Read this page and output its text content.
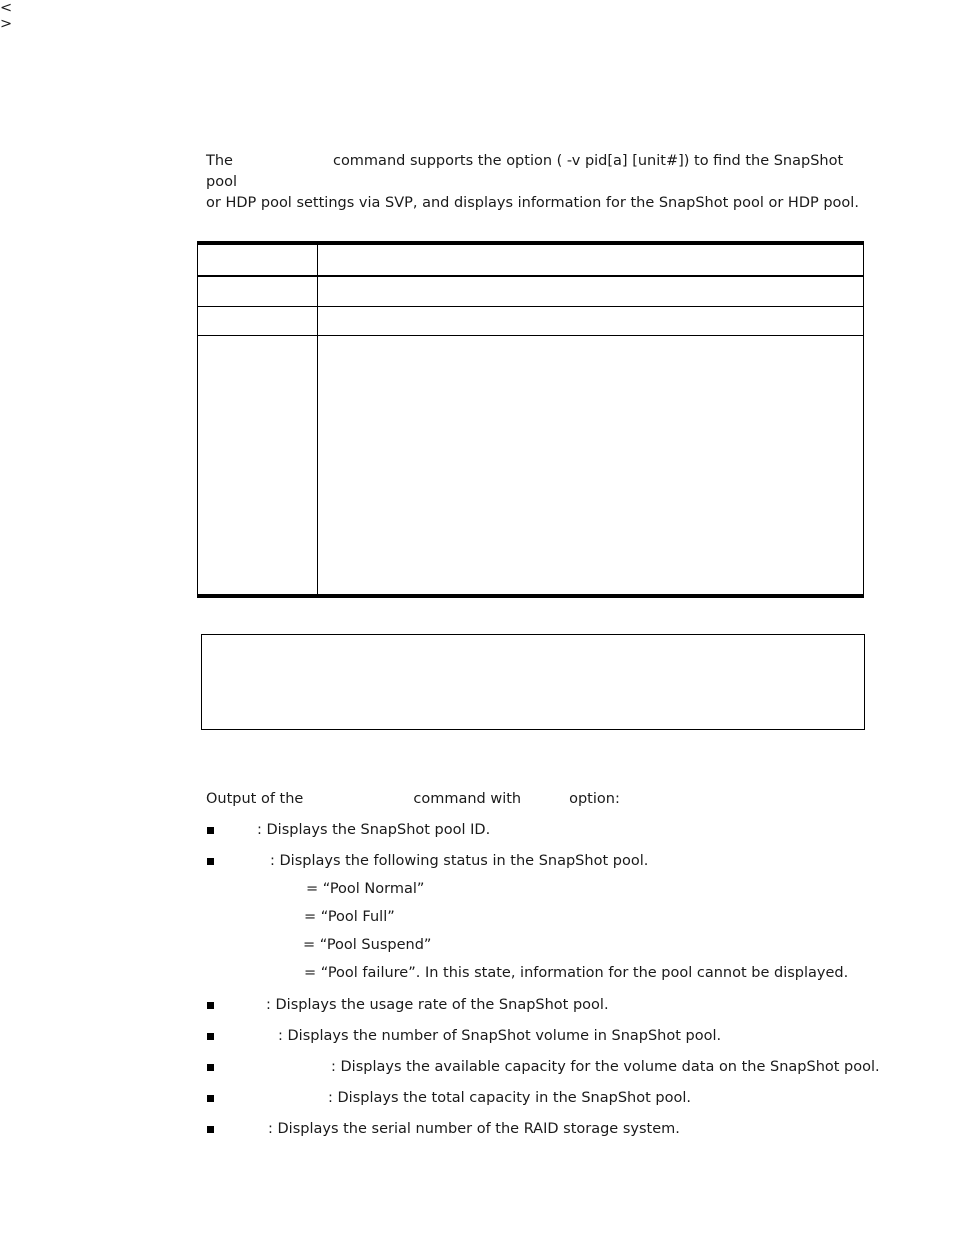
The	command supports the option ( -v pid[a] [unit#]) to find the SnapShot pool
or HDP pool settings via SVP, and displays information for the SnapShot pool or HDP pool.
<
>
Output of the	command with	option:
: Displays the SnapShot pool ID.
: Displays the following status in the SnapShot pool.
= “Pool Normal”
= “Pool Full”
= “Pool Suspend”
= “Pool failure”. In this state, information for the pool cannot be displayed.
: Displays the usage rate of the SnapShot pool.
: Displays the number of SnapShot volume in SnapShot pool.
: Displays the available capacity for the volume data on the SnapShot pool.
: Displays the total capacity in the SnapShot pool.
: Displays the serial number of the RAID storage system.
